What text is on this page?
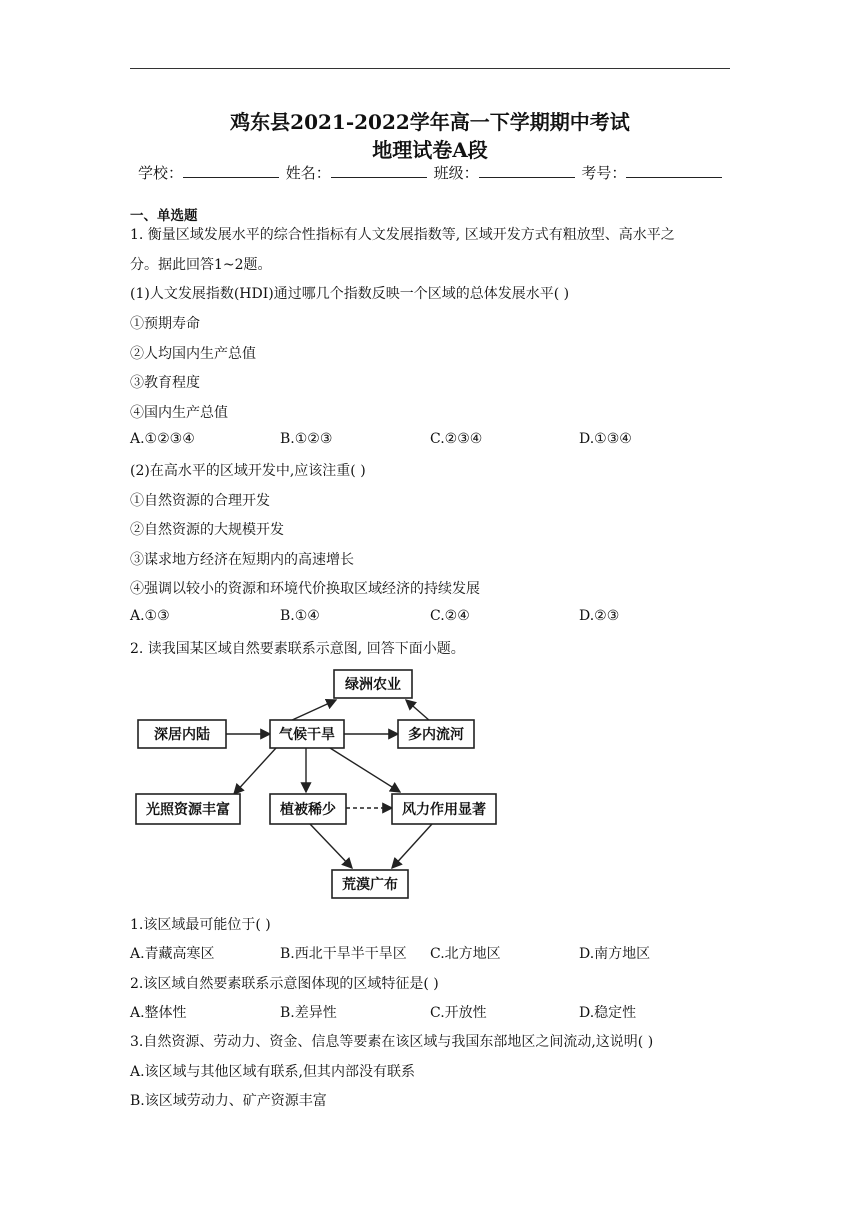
鸡东县2021-2022学年高一下学期期中考试
地理试卷A段
学校：	姓名：	班级：	考号：
一、单选题
1. 衡量区域发展水平的综合性指标有人文发展指数等, 区域开发方式有粗放型、高水平之
分。据此回答1~2题。
(1)人文发展指数(HDI)通过哪几个指数反映一个区域的总体发展水平( )
①预期寿命
②人均国内生产总值
③教育程度
④国内生产总值
A.①②③④	B.①②③	C.②③④	D.①③④
(2)在高水平的区域开发中,应该注重( )
①自然资源的合理开发
②自然资源的大规模开发
③谋求地方经济在短期内的高速增长
④强调以较小的资源和环境代价换取区域经济的持续发展
A.①③	B.①④	C.②④	D.②③
2. 读我国某区域自然要素联系示意图, 回答下面小题。
绿洲农业
深居内陆	气候干旱	多内流河
光照资源丰富	植被稀少	风力作用显著
荒漠广布
1.该区域最可能位于( )
A.青藏高寒区	B.西北干旱半干旱区 C.北方地区	D.南方地区
2.该区域自然要素联系示意图体现的区域特征是( )
A.整体性	B.差异性	C.开放性	D.稳定性
3.自然资源、劳动力、资金、信息等要素在该区域与我国东部地区之间流动,这说明( )
A.该区域与其他区域有联系,但其内部没有联系
B.该区域劳动力、矿产资源丰富
